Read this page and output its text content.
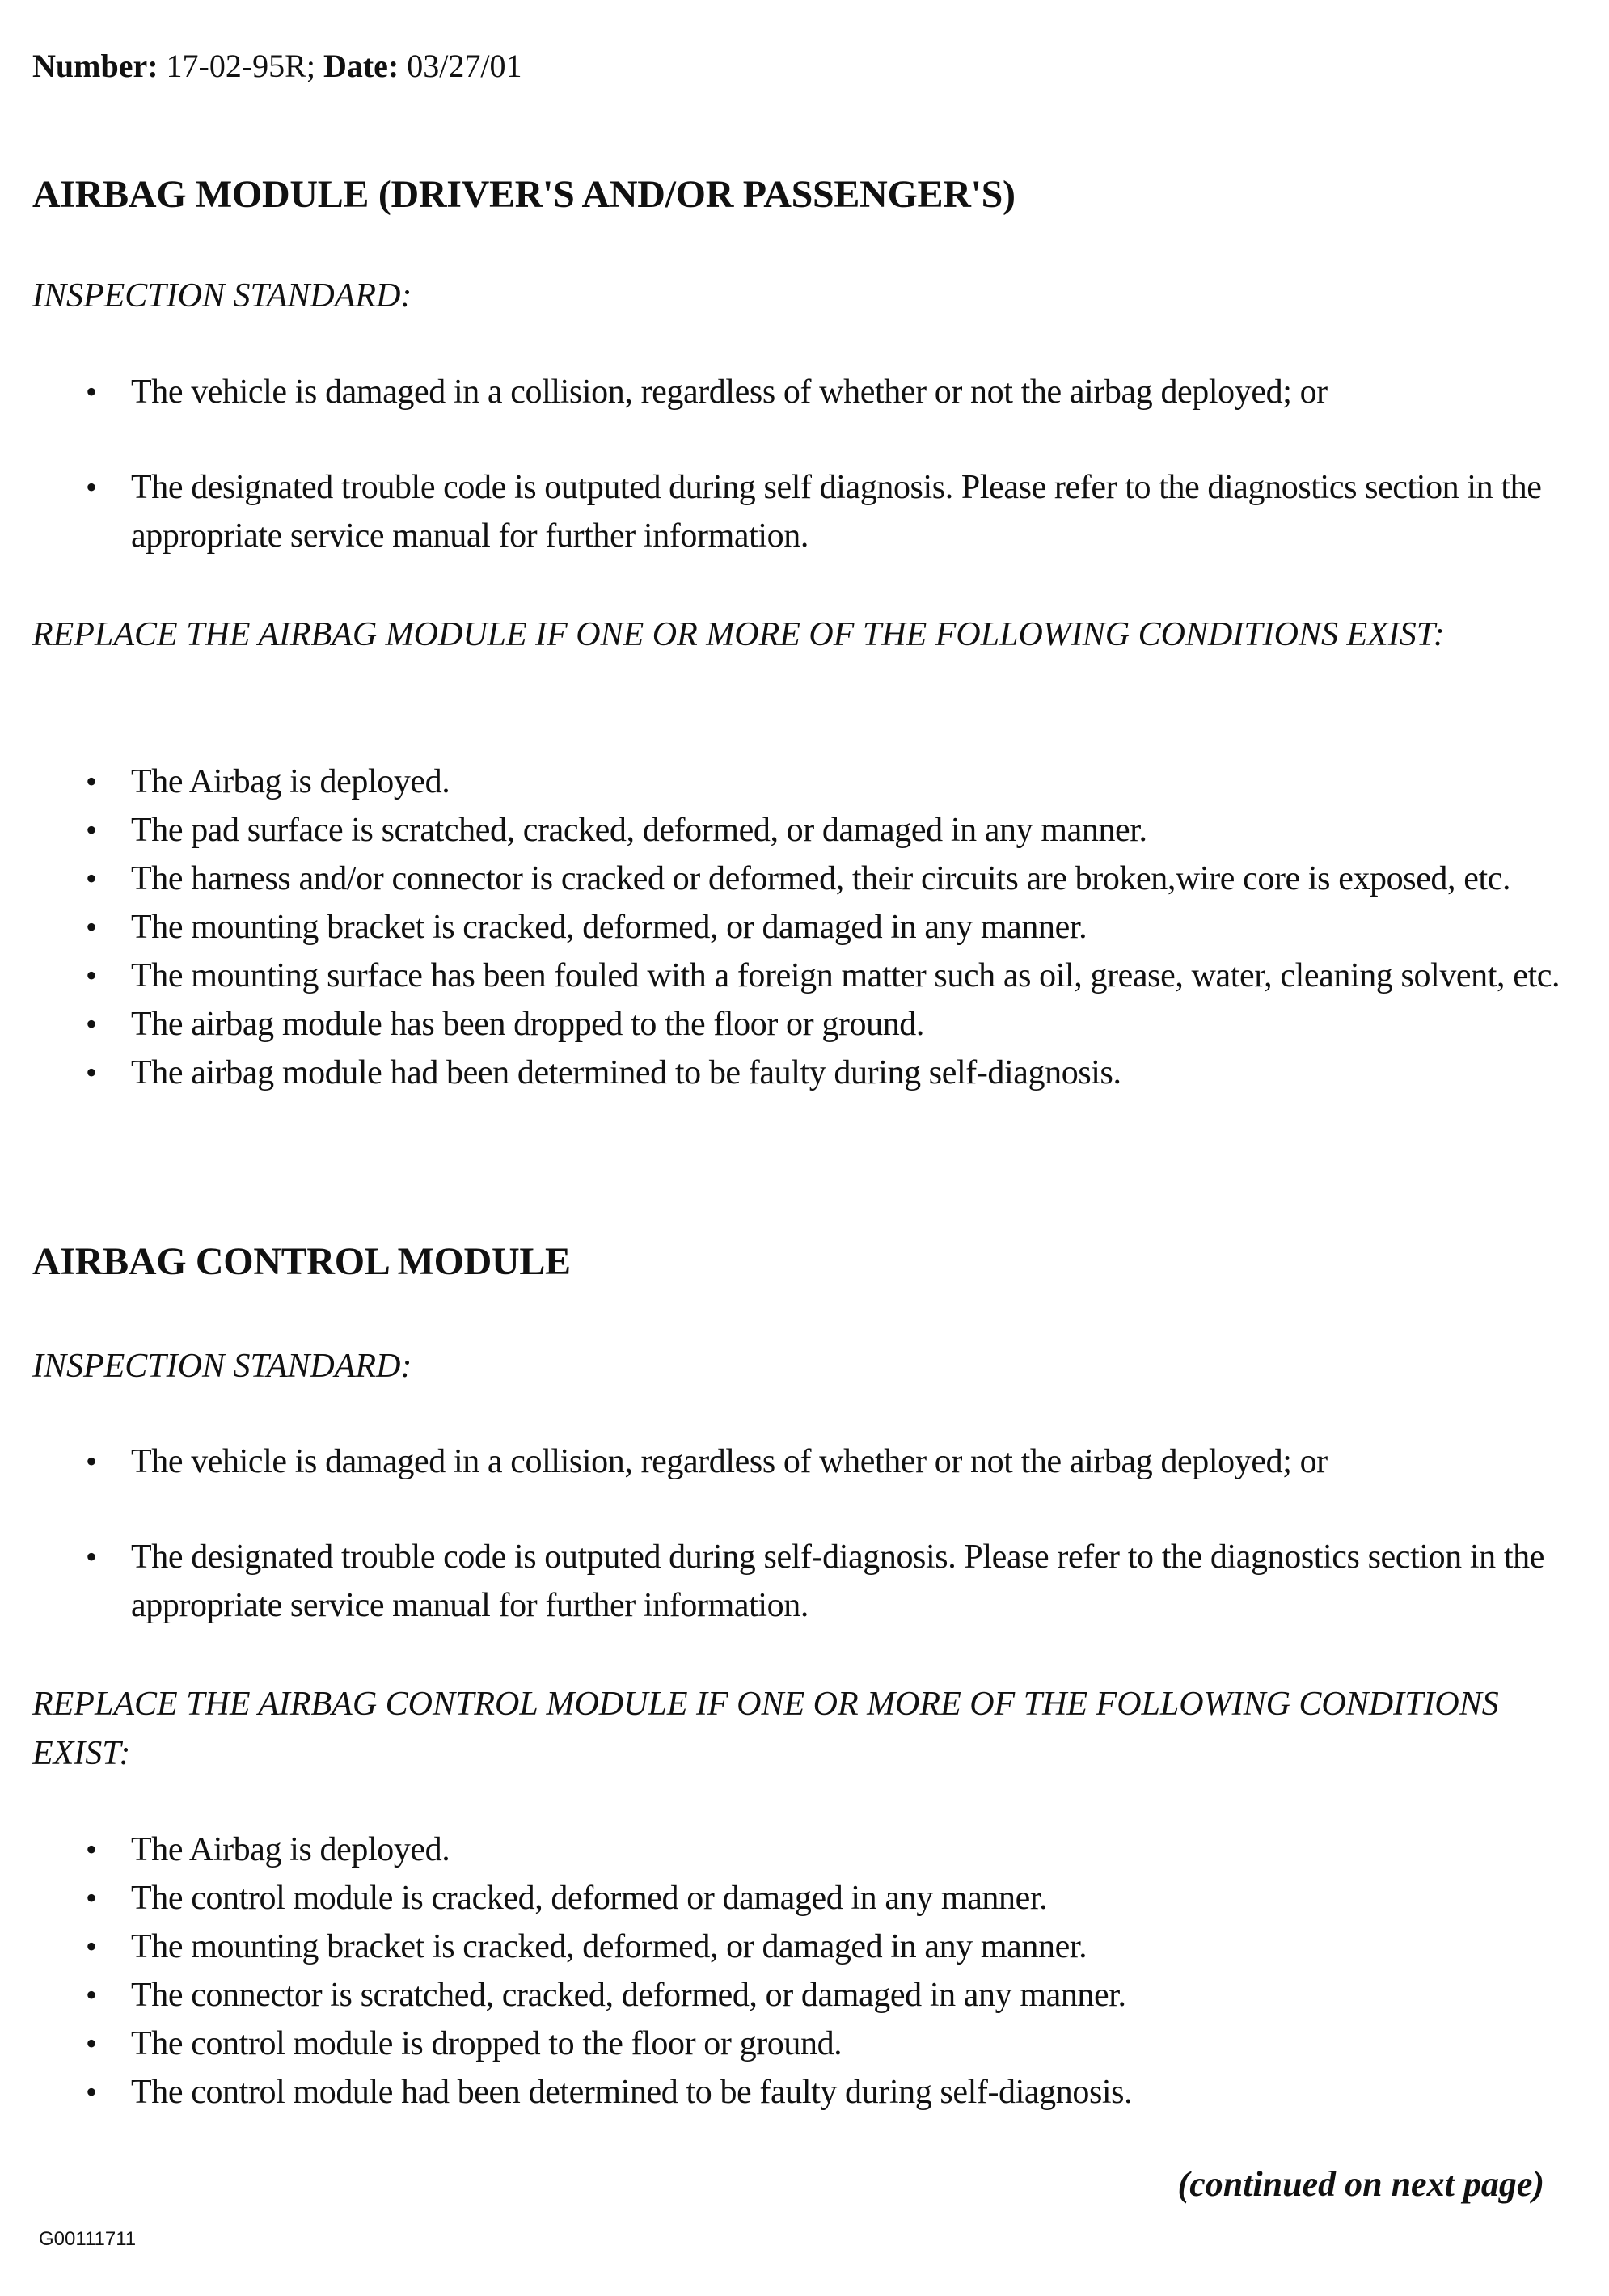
Number: 17-02-95R; Date: 03/27/01
AIRBAG MODULE (DRIVER'S AND/OR PASSENGER'S)
INSPECTION STANDARD:
• The vehicle is damaged in a collision, regardless of whether or not the airbag deployed; or
• The designated trouble code is outputed during self diagnosis. Please refer to the diagnostics section in the appropriate service manual for further information.
REPLACE THE AIRBAG MODULE IF ONE OR MORE OF THE FOLLOWING CONDITIONS EXIST:
• The Airbag is deployed.
• The pad surface is scratched, cracked, deformed, or damaged in any manner.
• The harness and/or connector is cracked or deformed, their circuits are broken,wire core is exposed, etc.
• The mounting bracket is cracked, deformed, or damaged in any manner.
• The mounting surface has been fouled with a foreign matter such as oil, grease, water, cleaning solvent, etc.
• The airbag module has been dropped to the floor or ground.
• The airbag module had been determined to be faulty during self-diagnosis.
AIRBAG CONTROL MODULE
INSPECTION STANDARD:
• The vehicle is damaged in a collision, regardless of whether or not the airbag deployed; or
• The designated trouble code is outputed during self-diagnosis. Please refer to the diagnostics section in the appropriate service manual for further information.
REPLACE THE AIRBAG CONTROL MODULE IF ONE OR MORE OF THE FOLLOWING CONDITIONS EXIST:
• The Airbag is deployed.
• The control module is cracked, deformed or damaged in any manner.
• The mounting bracket is cracked, deformed, or damaged in any manner.
• The connector is scratched, cracked, deformed, or damaged in any manner.
• The control module is dropped to the floor or ground.
• The control module had been determined to be faulty during self-diagnosis.
(continued on next page)
G00111711
